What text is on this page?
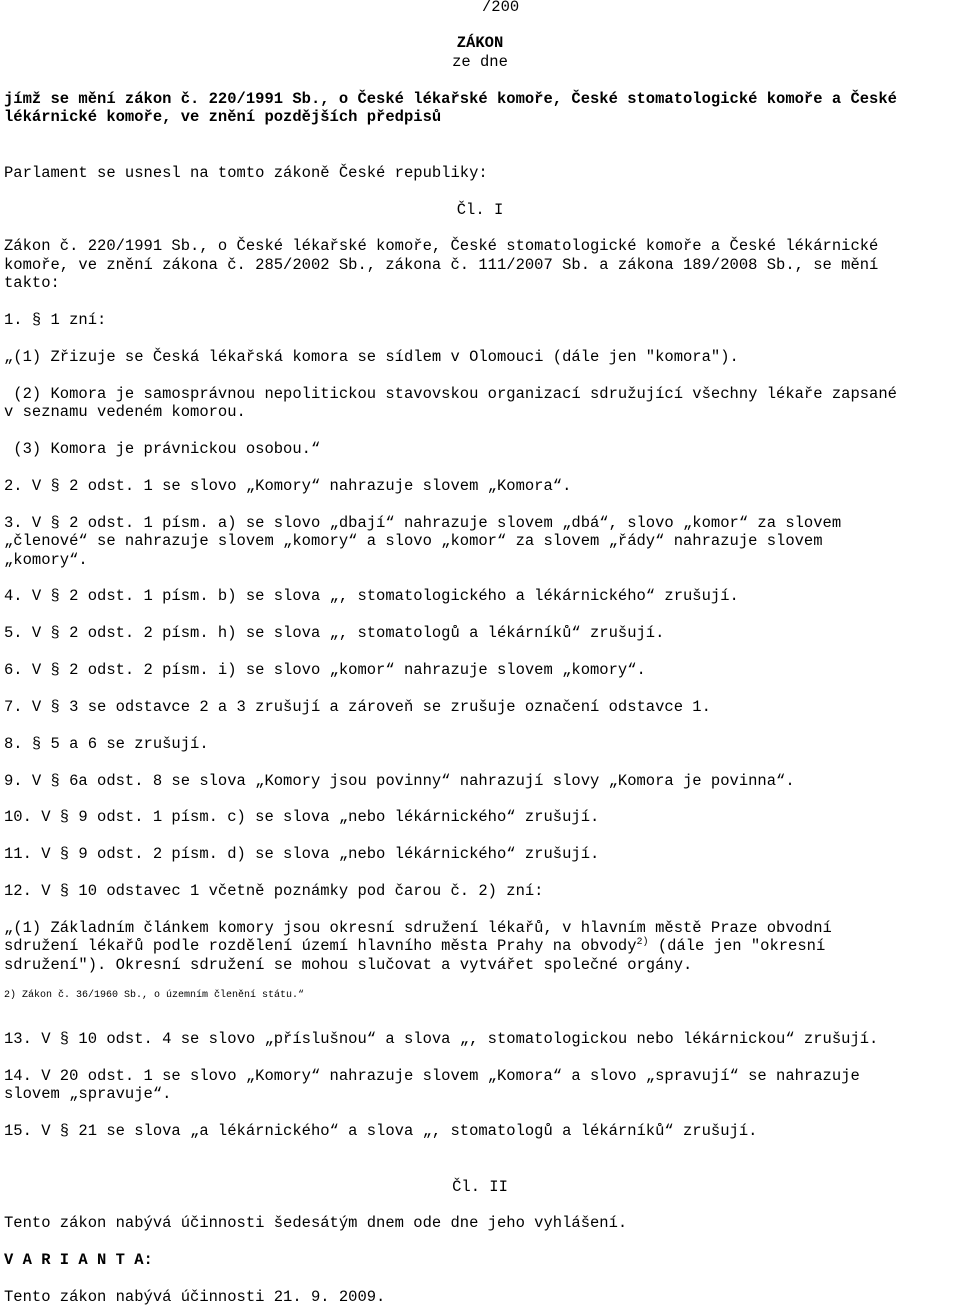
/200

ZÁKON

ze dne

jímž se mění zákon č. 220/1991 Sb., o České lékařské komoře, České stomatologické komoře a České

lékárnické komoře, ve znění pozdějších předpisů

Parlament se usnesl na tomto zákoně České republiky:

Čl. I

Zákon č. 220/1991 Sb., o České lékařské komoře, České stomatologické komoře a České lékárnické

komoře, ve znění zákona č. 285/2002 Sb., zákona č. 111/2007 Sb. a zákona 189/2008 Sb., se mění

takto:

1. § 1 zní:

„(1) Zřizuje se Česká lékařská komora se sídlem v Olomouci (dále jen "komora").

(2) Komora je samosprávnou nepolitickou stavovskou organizací sdružující všechny lékaře zapsané

v seznamu vedeném komorou.

(3) Komora je právnickou osobou.“

2. V § 2 odst. 1 se slovo „Komory“ nahrazuje slovem „Komora“.

3. V § 2 odst. 1 písm. a) se slovo „dbají“ nahrazuje slovem „dbá“, slovo „komor“ za slovem

„členové“ se nahrazuje slovem „komory“ a slovo „komor“ za slovem „řády“ nahrazuje slovem

„komory“.

4. V § 2 odst. 1 písm. b) se slova „, stomatologického a lékárnického“ zrušují.

5. V § 2 odst. 2 písm. h) se slova „, stomatologů a lékárníků“ zrušují.

6. V § 2 odst. 2 písm. i) se slovo „komor“ nahrazuje slovem „komory“.

7. V § 3 se odstavce 2 a 3 zrušují a zároveň se zrušuje označení odstavce 1.

8. § 5 a 6 se zrušují.

9. V § 6a odst. 8 se slova „Komory jsou povinny“ nahrazují slovy „Komora je povinna“.

10. V § 9 odst. 1 písm. c) se slova „nebo lékárnického“ zrušují.

11. V § 9 odst. 2 písm. d) se slova „nebo lékárnického“ zrušují.

12. V § 10 odstavec 1 včetně poznámky pod čarou č. 2) zní:

„(1) Základním článkem komory jsou okresní sdružení lékařů, v hlavním městě Praze obvodní

sdružení lékařů podle rozdělení území hlavního města Prahy na obvody$^{2)}$ (dále jen "okresní

sdružení"). Okresní sdružení se mohou slučovat a vytvářet společné orgány.

2) Zákon č. 36/1960 Sb., o územním členění státu.“

13. V § 10 odst. 4 se slovo „příslušnou“ a slova „, stomatologickou nebo lékárnickou“ zrušují.

14. V 20 odst. 1 se slovo „Komory“ nahrazuje slovem „Komora“ a slovo „spravují“ se nahrazuje

slovem „spravuje“.

15. V § 21 se slova „a lékárnického“ a slova „, stomatologů a lékárníků“ zrušují.

Čl. II

Tento zákon nabývá účinnosti šedesátým dnem ode dne jeho vyhlášení.

V A R I A N T A:

Tento zákon nabývá účinnosti 21. 9. 2009.
